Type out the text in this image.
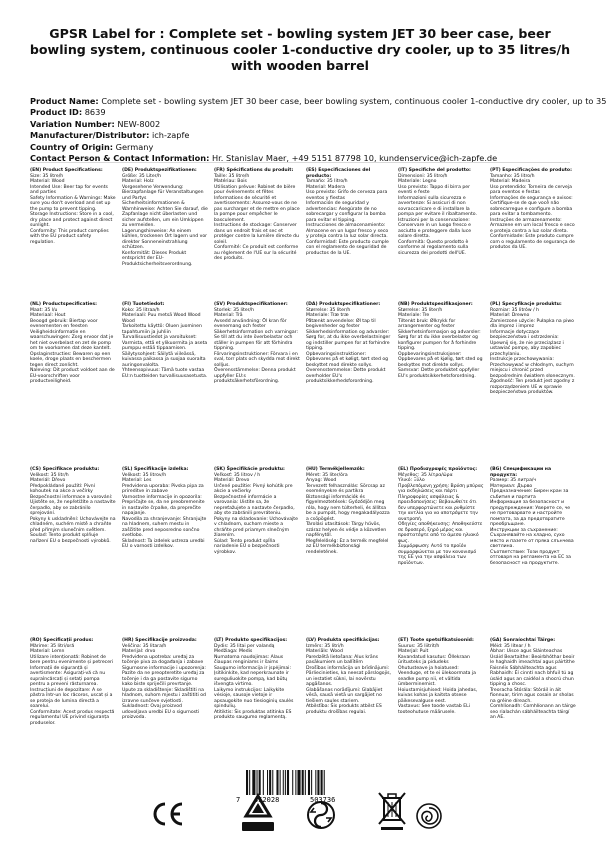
GPSR Label for : Complete set - bowling system JET 30 beer case, beer bowling system, continuous cooler 1-conductive dry cooler, up to 35 litres/h with wooden barrel
Product Name: Complete set - bowling system JET 30 beer case, beer bowling system, continuous cooler 1-conductive dry cooler, up to 35
Product ID: 8639
Variation Number: NEW-8002
Manufacturer/Distributor: ich-zapfe
Country of Origin: Germany
Contact Person & Contact Information: Hr. Stanislav Maer, +49 5151 87798 10, kundenservice@ich-zapfe.de
(EN) Product Specifications:
Size: 35 litre/h
Material: Wood
Intended Use: Beer tap for events and parties
Safety Information & Warnings: Make sure you don't overload and set up the pump to prevent tipping.
Storage Instructions: Store in a cool, dry place and protect against direct sunlight.
Conformity: This product complies with the EU product safety regulation.
(DE) Produktspezifikationen:
Größe: 35 Liter/h
Material: Holz
Vorgesehene Verwendung: Bierzapfanlage für Veranstaltungen und Partys
Sicherheitsinformationen & Warnhinweise: Achten Sie darauf, die Zapfanlage nicht überlasten und sicher aufstellen, um ein Umkippen zu vermeiden.
Lagerungshinweise: An einem kühlen, trockenen Ort lagern und vor direkter Sonneneinstrahlung schützen.
Konformität: Dieses Produkt entspricht der EU-Produktsicherheitsverordnung.
(FR) Spécifications du produit:
Taille: 35 litre/h
Matériau: Bois
Utilisation prévue: Robinet de bière pour événements et fêtes
Informations de sécurité et avertissements: Assurez-vous de ne pas surcharger et de mettre en place la pompe pour empêcher le basculement.
Instructions de stockage: Conserver dans un endroit frais et sec et protéger contre la lumière directe du soleil.
Conformité: Ce produit est conforme au règlement de l'UE sur la sécurité des produits.
(ES) Especificaciones del producto:
Tamaño: 35 litro/h
Material: Madera
Uso previsto: Grifo de cerveza para eventos y fiestas
Información de seguridad y advertencias: Asegúrate de no sobrecargar y configurar la bomba para evitar el tipping.
Instrucciones de almacenamiento: Almacene en un lugar fresco y seco y proteja contra la luz solar directa.
Conformidad: Este producto cumple con el reglamento de seguridad de productos de la UE.
(IT) Specifiche del prodotto:
Dimensioni: 35 litro/h
Materiale: Legno
Uso previsto: Tappo di birra per eventi e feste
Informazioni sulla sicurezza e avvertenze: Si assicuri di non sovraccaricare e di installare la pompa per evitare il ribaltamento.
Istruzioni per la conservazione: Conservare in un luogo fresco e asciutto e proteggere dalla luce solare diretta.
Conformità: Questo prodotto è conforme al regolamento sulla sicurezza dei prodotti dell'UE.
(PT) Especificações do produto:
Tamanho: 35 litro/h
Material: Madeira
Uso pretendido: Torneira de cerveja para eventos e festas
Informações de segurança e avisos: Certifique-se de que você não sobrecarregue e configure a bomba para evitar a tombamento.
Instruções de armazenamento: Armazene em um local fresco e seco e proteja contra a luz solar direta.
Conformidade: Este produto cumpre com o regulamento de segurança de produtos da UE.
(NL) Productspecificaties:
Maat: 35 l/u
Materiaal: Hout
Beoogd gebruik: Biertap voor evenementen en feesten
Veiligheidsinformatie en waarschuwingen: Zorg ervoor dat je het niet overbelast en zet de pomp om te voorkomen dat deze kantelt.
Opslaginstructies: Bewaren op een koele, droge plaats en beschermen tegen direct zonlicht.
Naleving: Dit product voldoet aan de EU-voorschriften voor productveiligheid.
(FI) Tuotetiedot:
Koko: 35 litraa/h
Materiaali: Puu metsä Wood Wood Wood
Tarkoitettu käyttö: Oluen juominen tapahtumiin ja juhliin
Turvallisuustiedot ja varoitukset: Varmista, että et ylikuormita ja aseta pumppu estää tippaamisen.
Säilytysohjeet: Säilytä viileässä, kuivassa paikassa ja suojaa suoralta auringonvalolta.
Yhteensopivuus: Tämä tuote vastaa EU:n tuotteiden turvallisuusasetusta.
(SV) Produktspecifikationer:
Storlek: 35 liter/h
Material: Trä
Avsedd användning: Öl kran för evenemang och fester
Säkerhetsinformation och varningar: Se till att du inte överbelastar och ställer in pumpen för att förhindra tippning.
Förvaringsinstruktioner: Förvara i en sval, torr plats och skydda mot direkt solljus.
Överensstämmelse: Denna produkt uppfyller EU:s produktsäkerhetsförordning.
(DA) Produktspecifikationer:
Størrelse: 35 liter/h
Materiale: Træ træ
Påtænkt anvendelse: Øl tap til begivenheder og fester
Sikkerhedsinformation og advarsler: Sørg for, at du ikke overbelastninger og indstiller pumpen for at forhindre tipping.
Opbevaringsinstruktioner: Opbevares på et køligt, tørt sted og beskyttet mod direkte sollys.
Overensstemmelse: Dette produkt overholder EU's produktsikkerhedsforordning.
(NB) Produktspesifikasjoner:
Størrelse: 35 liter/h
Materiale: Tre
Tiltenkt bruk: Ølkrykk for arrangementer og fester
Sikkerhetsinformasjon og advarsler: Sørg for at du ikke overbelaster og konfigurer pumpen for å forhindre tipping.
Oppbevaringsinstruksjoner: Oppbevares på et kjølig, tørt sted og beskyttes mot direkte sollys.
Samsvar: Dette produktet oppfyller EU's produktsikkerhetsforordning.
(PL) Specyfikacje produktu:
Rozmiar: 35 litrów / h
Materiał: Drewno
Zamierzone użycie: Pułapka na piwo dla imprez i imprez
Informacje dotyczące bezpieczeństwa i ostrzeżenia: Upewnij się, że nie przeciążasz i ustawiać pompę, aby zapobiec przechylaniu.
Instrukcje przechowywania: Przechowywać w chłodnym, suchym miejscu i chronić przed bezpośrednim światłem słonecznym.
Zgodność: Ten produkt jest zgodny z rozporządzeniem UE w sprawie bezpieczeństwa produktów.
(CS) Specifikace produktu:
Velikost: 35 litr/h
Materiál: Dřevo
Předpokládané použití: Pivní kohoutek na akce a večírky
Bezpečnostní informace a varování: Ujistěte se, že nepřetížíte a nastavíte čerpadlo, aby se zabránilo sprejování.
Pokyny k uskladnění: Uchovávejte na chladném, suchém místě a chraňte před přímým slunečním světlem.
Soulad: Tento produkt splňuje nařízení EU o bezpečnosti výrobků.
(SL) Specifikacije izdelka:
Velikost: 35 litrov/h
Material: Les
Predvidena uporaba: Pivska pipa za prireditve in zabave
Varnostne informacije in opozorila: Prepričajte se, da ne preobremenite in nastavite črpalke, da preprečite napajanje.
Navodila za shranjevanje: Shranjujte na hladnem, suhem mestu in zaščitite pred neposredno sončno svetlobo.
Skladnost: Ta izdelek ustreza uredbi EU o varnosti izdelkov.
(SK) Špecifikácie produktu:
Veľkosť: 35 litrov / h
Materiál: Drevo
Určené použitie: Pivný kohútik pre akcie a večierky
Bezpečnostné informácie a varovania: Uistite sa, že nepreťažujete a nastavte čerpadlo, aby ste zabránili prevráteniu.
Pokyny na skladovanie: Uchovávajte v chladnom, suchom mieste a chráňte pred priamym slnečným žiarením.
Súlad: Tento produkt spĺňa nariadenie EÚ o bezpečnosti výrobkov.
(HU) Termékjellemzők:
Méret: 35 liter/óra
Anyag: Wood
Tervezett felhasználás: Sörcsap az eseményekre és partikra
Biztonsági információk és figyelmeztetések: Győződjön meg róla, hogy nem túlterheli, és állítsa be a pumpát, hogy megakadályozza a csöpögést.
Tárolási utasítások: Tárgy hűvös, száraz helyen és védje a közvetlen napfénytől.
Megfelelőség: Ez a termék megfelel az EU termékbiztonsági rendeletének.
(EL) Προδιαγραφές προϊόντος:
Μέγεθος: 35 λίτρα/ώρα
Υλικό: Ξύλο
Προβλεπόμενη χρήση: Βρύση μπύρας για εκδηλώσεις και πάρτι
Πληροφορίες ασφάλειας & προειδοποιήσεις: Βεβαιωθείτε ότι δεν υπερφορτώνετε και ρυθμίστε την αντλία για να αποτρέψετε την ανατροπή.
Οδηγίες αποθήκευσης: Αποθηκεύστε σε δροσερό, ξηρό μέρος και προστατέψτε από το άμεσο ηλιακό φως.
Συμμόρφωση: Αυτό το προϊόν συμμορφώνεται με τον κανονισμό της ΕΕ για την ασφάλεια των προϊόντων.
(BG) Спецификации на продукта:
Размер: 35 литра/ч
Материал: Дърво
Предназначение: Бирен кран за събития и партита
Информация за безопасност и предупреждения: Уверете се, че не претоварвате и настройте помпата, за да предотвратите преобръщане.
Инструкции за съхранение: Съхранявайте на хладно, сухо място и пазете от пряка слънчева светлина.
Съответствие: Този продукт отговаря на регламента на ЕС за безопасност на продуктите.
(RO) Specificații produs:
Mărime: 35 litri/oră
Material: Lemn
Utilizare intenționată: Robinet de bere pentru evenimente și petreceri
Informații de siguranță și avertismente: Asigurați-vă că nu supraîncărcați și setați pompa pentru a preveni răsturnarea.
Instrucțiuni de depozitare: A se păstra într-un loc răcoros, uscat și a se proteja de lumina directă a soarelui.
Conformitate: Acest produs respectă regulamentul UE privind siguranța produselor.
(HR) Specifikacije proizvoda:
Veličina: 35 litara/h
Materijal: drvo
Predviđena upotreba: uređaj za točenje piva za događanja i zabave
Sigurnosne informacije i upozorenja: Pazite da ne preopteretite uređaj za točenje i da ga postavite sigurno kako biste spriječili prevrtanje.
Upute za skladištenje: Skladištiti na hladnom, suhom mjestu i zaštititi od izravne sunčeve svjetlosti.
Sukladnost: Ovaj proizvod udovoljava uredbi EU o sigurnosti proizvoda.
(LT) Produkto specifikacijos:
Dydis: 35 litai per valandą
Medžiaga: Medis
Numatoma naudojimas: Alaus čiaupas renginiams ir šaims
Saugumo informacija ir įspėjimai: Įsitikinkite, kad neperkraunate ir sureguliuokite pompą, kad būtų išvengta virtimo.
Laikymo instrukcijos: Laikykite vėsioje, sausoje vietoje ir apsaugokite nuo tiesioginių saulės spindulių.
Atitiktis: Šis produktas atitinka ES produkto saugumo reglamentą.
(LV) Produkta specifikācijas:
Izmērs: 35 litri/h
Materiāls: Wood
Paredzētā lietošana: Alus krāns pasākumiem un ballītēm
Drošības informācija un brīdinājumi: Pārliecinieties, ka neesat pārslogojis, un iestatiet sūkni, lai novērstu apgāšanos.
Glabāšanas norādījumi: Glabājiet vēsā, sausā vietā un sargājiet no tiešiem saules stariem.
Atbilstība: Šis produkts atbilst ES produktu drošības regulai.
(ET) Toote spetsifikatsioonid:
Suurus: 35 liitrit/h
Materjal: Puit
Kavandatud kasutus: Õllekraan üritusteks ja pidudeks
Ohutusteave ja hoiatused: Veenduge, et te ei ülekoormata ja seadke pump nii, et vältida ümberminemist.
Hoiustamisjuhised: Hoida jahedas, kuivas kohas ja kaitsta otsese päikesevalguse eest.
Vastavus: See toode vastab ELi tooteohutuse määrusele.
(GA) Sonraíochtaí Táirge:
Méid: 35 lítear / h
Ábhar: Uisce agus Sláinteachas
Úsáid Beartaithe: Beoirbhóthar beoir le haghaidh imeachtaí agus páirtithe
Faisnéis Sábháilteachta agus Rabhaidh: Éí cinntí nach bhfuil tú ag úsáid agus an caidéal a shocrú chun tipping a chosc.
Treoracha Stórála: Stóráil in áit fionnuar, tirim agus cosain ar sholas na gréine díreach.
Comhlíonadh: Comhlíonann an táirge seo rialachán sábháilteachta táirgí an AE.
7 452028	503736
